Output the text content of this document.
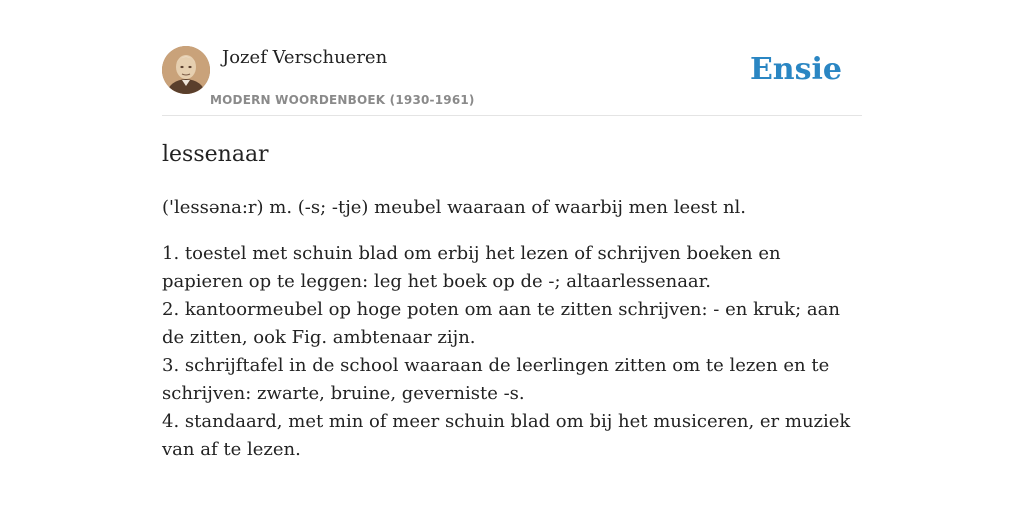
Jozef Verschueren
MODERN WOORDENBOEK (1930-1961)
Ensie
lessenaar

('lessəna:r) m. (-s; -tje) meubel waaraan of waarbij men leest nl.

1. toestel met schuin blad om erbij het lezen of schrijven boeken en papieren op te leggen: leg het boek op de -; altaarlessenaar.
2. kantoormeubel op hoge poten om aan te zitten schrijven: - en kruk; aan de zitten, ook Fig. ambtenaar zijn.
3. schrijftafel in de school waaraan de leerlingen zitten om te lezen en te schrijven: zwarte, bruine, geverniste -s.
4. standaard, met min of meer schuin blad om bij het musiceren, er muziek van af te lezen.
